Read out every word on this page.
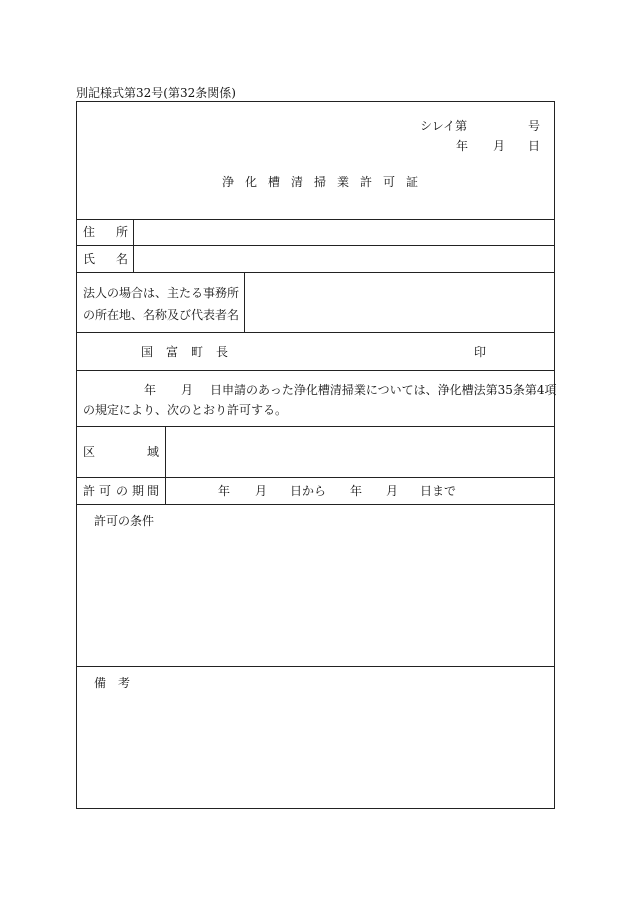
別記様式第32号(第32条関係)
シレイ第	号
年 月 日
浄 化 槽 清 掃 業 許 可 証
住 所
氏 名
法人の場合は、主たる事務所
の所在地、名称及び代表者名
国 富 町 長	印
年 月 日申請のあった浄化槽清掃業については、浄化槽法第35条第4項
の規定により、次のとおり許可する。
区	域
許 可 の 期 間	年 月 日から 年 月 日まで
許可の条件
備 考
